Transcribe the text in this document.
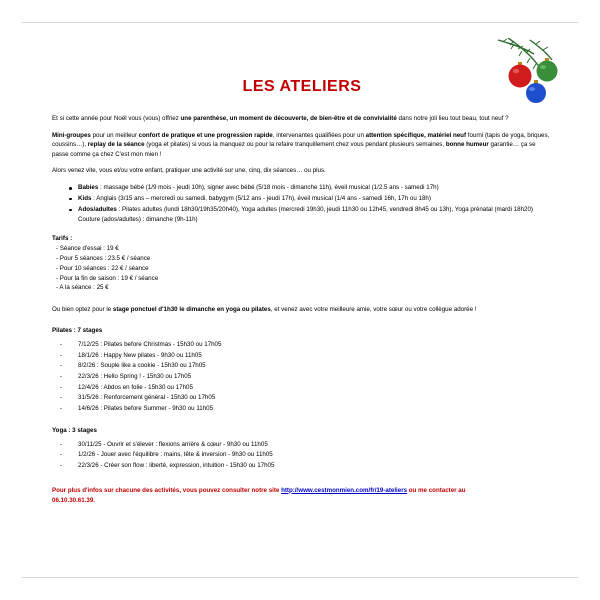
LES ATELIERS

Et si cette année pour Noël vous (vous) offriez une parenthèse, un moment de découverte, de bien-être et de convivialité dans notre joli lieu tout beau, tout neuf ?

Mini-groupes pour un meilleur confort de pratique et une progression rapide, intervenantes qualifiées pour un attention spécifique, matériel neuf fourni (tapis de yoga, briques, coussins…), replay de la séance (yoga et pilates) si vous la manquez ou pour la refaire tranquillement chez vous pendant plusieurs semaines, bonne humeur garantie… ça se passe comme ça chez C'est mon mien !

Alors venez vite, vous et/ou votre enfant, pratiquer une activité sur une, cinq, dix séances… ou plus.

Babies : massage bébé (1/9 mois - jeudi 10h), signer avec bébé (5/18 mois - dimanche 11h), éveil musical (1/2.5 ans - samedi 17h)
Kids : Anglais (3/15 ans – mercredi ou samedi, babygym (5/12 ans - jeudi 17h), éveil musical (1/4 ans - samedi 16h, 17h ou 18h)
Ados/adultes : Pilates adultes (lundi 18h30/19h35/20h40), Yoga adultes (mercredi 19h30, jeudi 11h30 ou 12h45, vendredi 8h45 ou 13h), Yoga prénatal (mardi 18h20) Couture (ados/adultes) : dimanche (9h-11h)
Tarifs :
- Séance d'essai : 19 €
- Pour 5 séances : 23.5 € / séance
- Pour 10 séances : 22 € / séance
- Pour la fin de saison : 19 € / séance
- A la séance : 25 €

Ou bien optez pour le stage ponctuel d'1h30 le dimanche en yoga ou pilates, et venez avec votre meilleure amie, votre sœur ou votre collègue adorée !

Pilates : 7 stages
- 7/12/25 : Pilates before Christmas - 15h30 ou 17h05
- 18/1/26 : Happy New pilates - 9h30 ou 11h05
- 8/2/26 : Souple like a cookie - 15h30 ou 17h05
- 22/3/26 : Hello Spring ! - 15h30 ou 17h05
- 12/4/26 : Abdos en folie - 15h30 ou 17h05
- 31/5/26 : Renforcement général - 15h30 ou 17h05
- 14/6/26 : Pilates before Summer - 9h30 ou 11h05
Yoga : 3 stages
- 30/11/25 - Ouvrir et s'élever : flexions arrière & cœur - 9h30 ou 11h05
- 1/2/26 - Jouer avec l'équilibre : mains, tête & inversion - 9h30 ou 11h05
- 22/3/26 - Créer son flow : liberté, expression, intuition - 15h30 ou 17h05
Pour plus d'infos sur chacune des activités, vous pouvez consulter notre site http://www.cestmonmien.com/fr/19-ateliers ou me contacter au
06.10.30.61.39.
